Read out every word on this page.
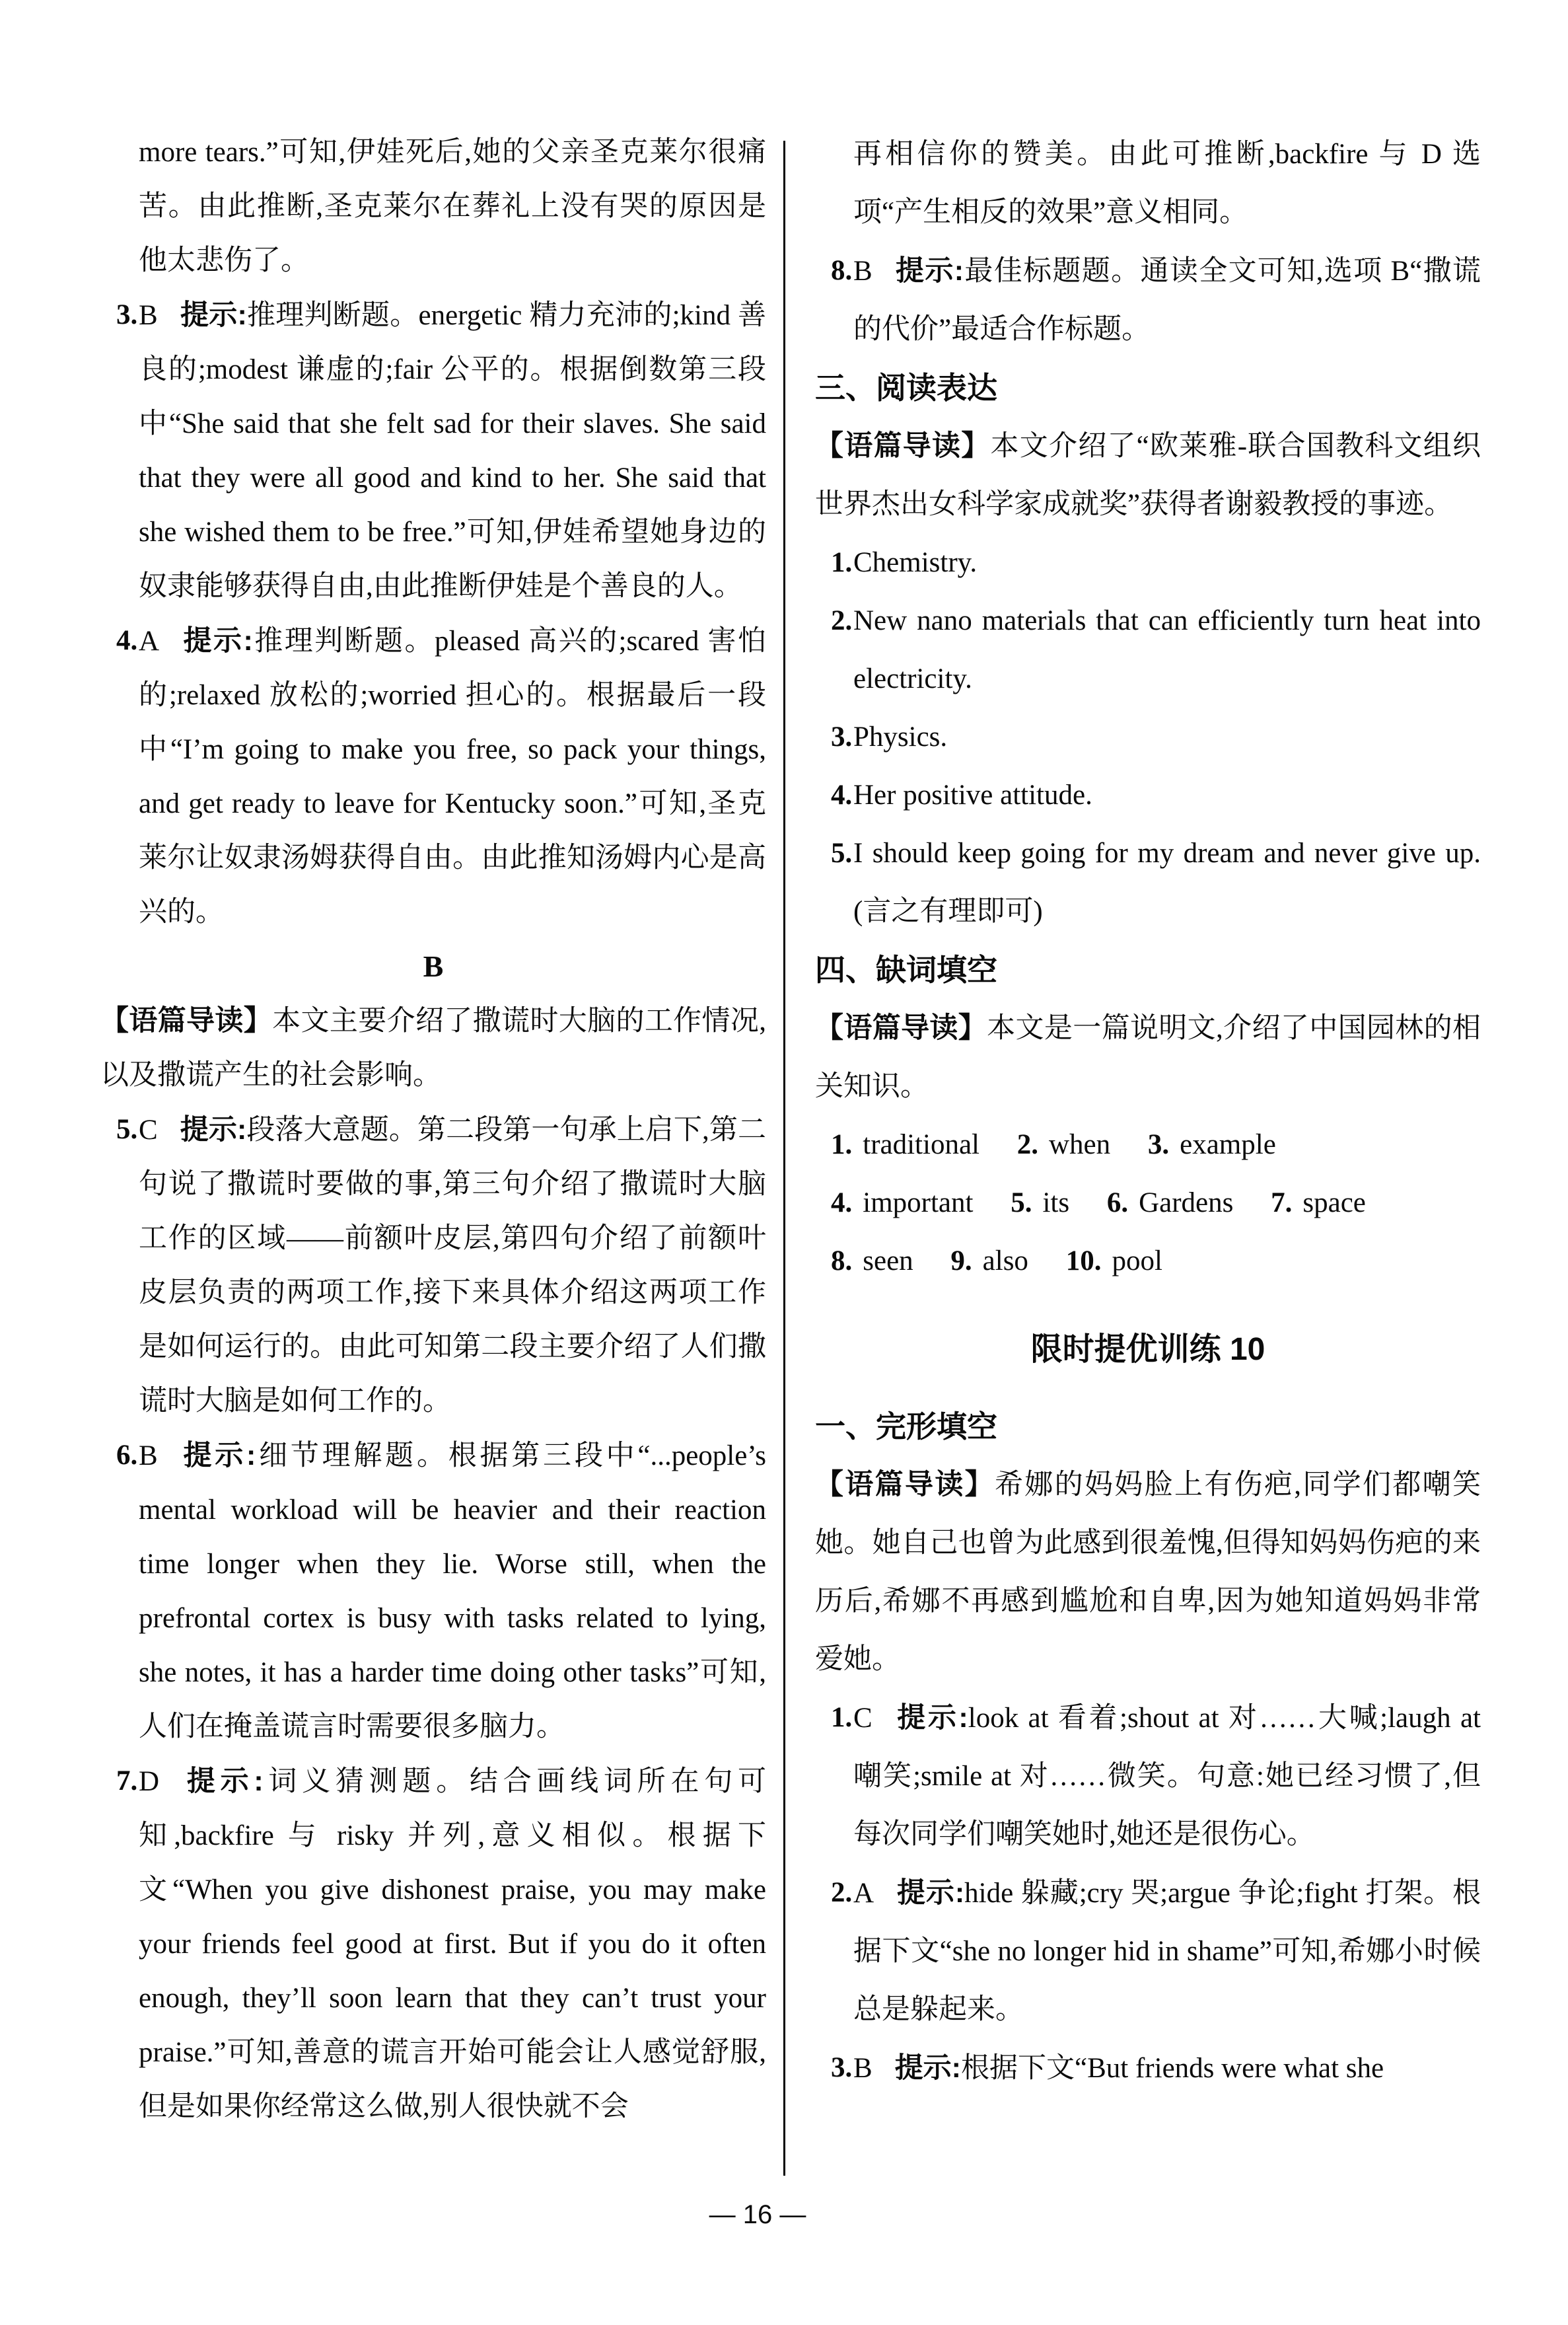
more tears.”可知,伊娃死后,她的父亲圣克莱尔很痛苦。由此推断,圣克莱尔在葬礼上没有哭的原因是他太悲伤了。

3. B 提示:推理判断题。energetic 精力充沛的;kind 善良的;modest 谦虚的;fair 公平的。根据倒数第三段中“She said that she felt sad for their slaves. She said that they were all good and kind to her. She said that she wished them to be free.”可知,伊娃希望她身边的奴隶能够获得自由,由此推断伊娃是个善良的人。

4. A 提示:推理判断题。pleased 高兴的;scared 害怕的;relaxed 放松的;worried 担心的。根据最后一段中“I’m going to make you free, so pack your things, and get ready to leave for Kentucky soon.”可知,圣克莱尔让奴隶汤姆获得自由。由此推知汤姆内心是高兴的。

B

【语篇导读】本文主要介绍了撒谎时大脑的工作情况,以及撒谎产生的社会影响。

5. C 提示:段落大意题。第二段第一句承上启下,第二句说了撒谎时要做的事,第三句介绍了撒谎时大脑工作的区域——前额叶皮层,第四句介绍了前额叶皮层负责的两项工作,接下来具体介绍这两项工作是如何运行的。由此可知第二段主要介绍了人们撒谎时大脑是如何工作的。

6. B 提示:细节理解题。根据第三段中“...people’s mental workload will be heavier and their reaction time longer when they lie. Worse still, when the prefrontal cortex is busy with tasks related to lying, she notes, it has a harder time doing other tasks”可知,人们在掩盖谎言时需要很多脑力。

7. D 提示:词义猜测题。结合画线词所在句可知,backfire 与 risky 并列,意义相似。根据下文“When you give dishonest praise, you may make your friends feel good at first. But if you do it often enough, they’ll soon learn that they can’t trust your praise.”可知,善意的谎言开始可能会让人感觉舒服,但是如果你经常这么做,别人很快就不会

再相信你的赞美。由此可推断,backfire 与 D 选项“产生相反的效果”意义相同。

8. B 提示:最佳标题题。通读全文可知,选项 B“撒谎的代价”最适合作标题。

三、阅读表达

【语篇导读】本文介绍了“欧莱雅-联合国教科文组织世界杰出女科学家成就奖”获得者谢毅教授的事迹。

1. Chemistry.

2. New nano materials that can efficiently turn heat into electricity.

3. Physics.

4. Her positive attitude.

5. I should keep going for my dream and never give up.(言之有理即可)

四、缺词填空

【语篇导读】本文是一篇说明文,介绍了中国园林的相关知识。

1. traditional 2. when 3. example

4. important 5. its 6. Gardens 7. space

8. seen 9. also 10. pool

限时提优训练 10

一、完形填空

【语篇导读】希娜的妈妈脸上有伤疤,同学们都嘲笑她。她自己也曾为此感到很羞愧,但得知妈妈伤疤的来历后,希娜不再感到尴尬和自卑,因为她知道妈妈非常爱她。

1. C 提示:look at 看着;shout at 对……大喊;laugh at 嘲笑;smile at 对……微笑。句意:她已经习惯了,但每次同学们嘲笑她时,她还是很伤心。

2. A 提示:hide 躲藏;cry 哭;argue 争论;fight 打架。根据下文“she no longer hid in shame”可知,希娜小时候总是躲起来。

3. B 提示:根据下文“But friends were what she

— 16 —
